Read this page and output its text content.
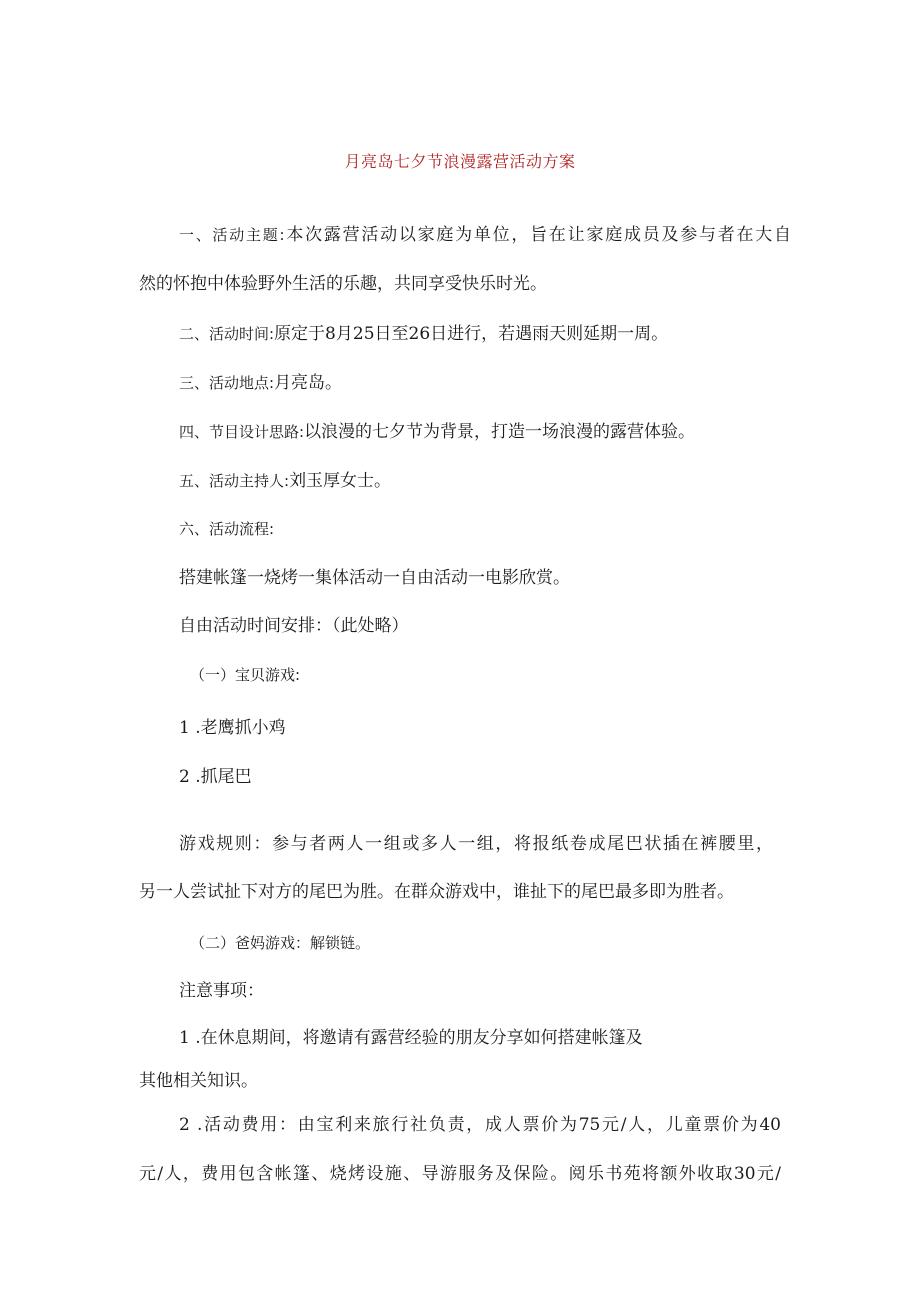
月亮岛七夕节浪漫露营活动方案
一、活动主题:本次露营活动以家庭为单位，旨在让家庭成员及参与者在大自
然的怀抱中体验野外生活的乐趣，共同享受快乐时光。
二、活动时间:原定于8月25日至26日进行，若遇雨天则延期一周。
三、活动地点:月亮岛。
四、节目设计思路:以浪漫的七夕节为背景，打造一场浪漫的露营体验。
五、活动主持人:刘玉厚女士。
六、活动流程:
搭建帐篷一烧烤一集体活动一自由活动一电影欣赏。
自由活动时间安排：（此处略）
（一）宝贝游戏:
1 .老鹰抓小鸡
2 .抓尾巴
游戏规则：参与者两人一组或多人一组，将报纸卷成尾巴状插在裤腰里，
另一人尝试扯下对方的尾巴为胜。在群众游戏中，谁扯下的尾巴最多即为胜者。
（二）爸妈游戏：解锁链。
注意事项：
1 .在休息期间，将邀请有露营经验的朋友分享如何搭建帐篷及
其他相关知识。
2 .活动费用：由宝利来旅行社负责，成人票价为75元/人，儿童票价为40
元/人，费用包含帐篷、烧烤设施、导游服务及保险。阅乐书苑将额外收取30元/
